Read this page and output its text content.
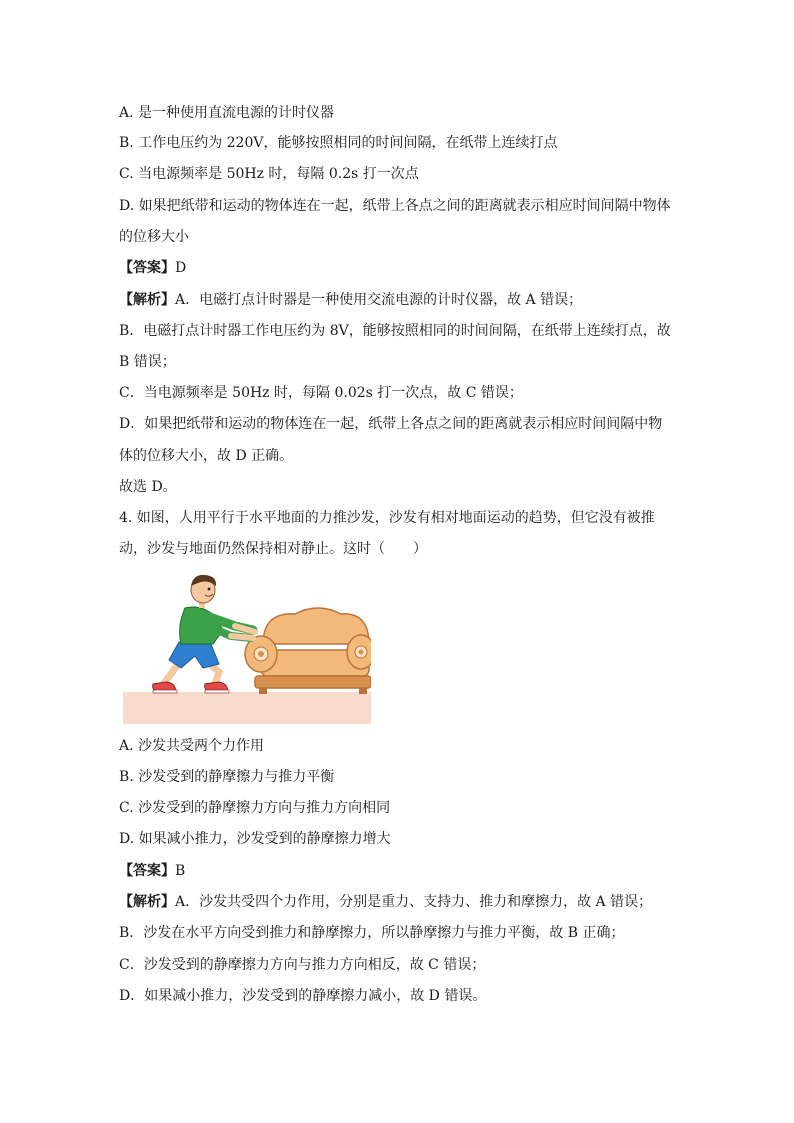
A. 是一种使用直流电源的计时仪器
B. 工作电压约为 220V，能够按照相同的时间间隔，在纸带上连续打点
C. 当电源频率是 50Hz 时，每隔 0.2s 打一次点
D. 如果把纸带和运动的物体连在一起，纸带上各点之间的距离就表示相应时间间隔中物体
的位移大小
【答案】D
【解析】A．电磁打点计时器是一种使用交流电源的计时仪器，故 A 错误；
B．电磁打点计时器工作电压约为 8V，能够按照相同的时间间隔，在纸带上连续打点，故
B 错误；
C．当电源频率是 50Hz 时，每隔 0.02s 打一次点，故 C 错误；
D．如果把纸带和运动的物体连在一起，纸带上各点之间的距离就表示相应时间间隔中物
体的位移大小，故 D 正确。
故选 D。
4. 如图，人用平行于水平地面的力推沙发，沙发有相对地面运动的趋势，但它没有被推
动，沙发与地面仍然保持相对静止。这时（　　）
A. 沙发共受两个力作用
B. 沙发受到的静摩擦力与推力平衡
C. 沙发受到的静摩擦力方向与推力方向相同
D. 如果减小推力，沙发受到的静摩擦力增大
【答案】B
【解析】A．沙发共受四个力作用，分别是重力、支持力、推力和摩擦力，故 A 错误；
B．沙发在水平方向受到推力和静摩擦力，所以静摩擦力与推力平衡，故 B 正确；
C．沙发受到的静摩擦力方向与推力方向相反，故 C 错误；
D．如果减小推力，沙发受到的静摩擦力减小，故 D 错误。
